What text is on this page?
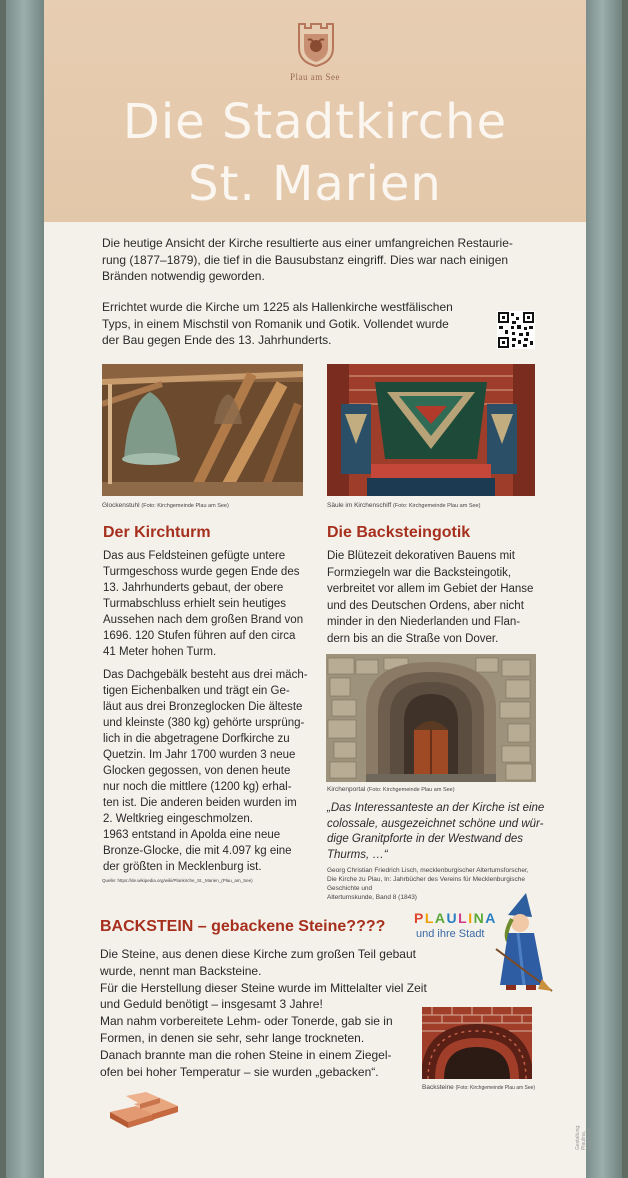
Plau am See
Die Stadtkirche
St. Marien
Die heutige Ansicht der Kirche resultierte aus einer umfangreichen Restaurie-
rung (1877–1879), die tief in die Bausubstanz eingriff. Dies war nach einigen
Bränden notwendig geworden.
Errichtet wurde die Kirche um 1225 als Hallenkirche westfälischen
Typs, in einem Mischstil von Romanik und Gotik. Vollendet wurde
der Bau gegen Ende des 13. Jahrhunderts.
Glockenstuhl (Foto: Kirchgemeinde Plau am See)	Säule im Kirchenschiff (Foto: Kirchgemeinde Plau am See)
Der Kirchturm
Das aus Feldsteinen gefügte untere
Turmgeschoss wurde gegen Ende des
13. Jahrhunderts gebaut, der obere
Turmabschluss erhielt sein heutiges
Aussehen nach dem großen Brand von
1696. 120 Stufen führen auf den circa
41 Meter hohen Turm.
Das Dachgebälk besteht aus drei mäch-
tigen Eichenbalken und trägt ein Ge-
läut aus drei Bronzeglocken Die älteste
und kleinste (380 kg) gehörte ursprüng-
lich in die abgetragene Dorfkirche zu
Quetzin. Im Jahr 1700 wurden 3 neue
Glocken gegossen, von denen heute
nur noch die mittlere (1200 kg) erhal-
ten ist. Die anderen beiden wurden im
2. Weltkrieg eingeschmolzen.
1963 entstand in Apolda eine neue
Bronze-Glocke, die mit 4.097 kg eine
der größten in Mecklenburg ist.
Quelle: https://de.wikipedia.org/wiki/Plankirche_St._Marien_(Plau_am_See)
Die Backsteingotik
Die Blütezeit dekorativen Bauens mit
Formziegeln war die Backsteingotik,
verbreitet vor allem im Gebiet der Hanse
und des Deutschen Ordens, aber nicht
minder in den Niederlanden und Flan-
dern bis an die Straße von Dover.
Kirchenportal (Foto: Kirchgemeinde Plau am See)
„Das Interessanteste an der Kirche ist eine
colossale, ausgezeichnet schöne und wür-
dige Granitpforte in der Westwand des
Thurms, …“
Georg Christian Friedrich Lisch, mecklenburgischer Altertumsforscher,
Die Kirche zu Plau, In: Jahrbücher des Vereins für Mecklenburgische Geschichte und
Altertumskunde, Band 8 (1843)
BACKSTEIN – gebackene Steine???? PLAULINA
und ihre Stadt
Die Steine, aus denen diese Kirche zum großen Teil gebaut
wurde, nennt man Backsteine.
Für die Herstellung dieser Steine wurde im Mittelalter viel Zeit
und Geduld benötigt – insgesamt 3 Jahre!
Man nahm vorbereitete Lehm- oder Tonerde, gab sie in
Formen, in denen sie sehr, sehr lange trockneten.
Danach brannte man die rohen Steine in einem Ziegel-
ofen bei hoher Temperatur – sie wurden „gebacken“.
Backsteine (Foto: Kirchgemeinde Plau am See)
Gestaltung: Plaulina, Juni 2019
